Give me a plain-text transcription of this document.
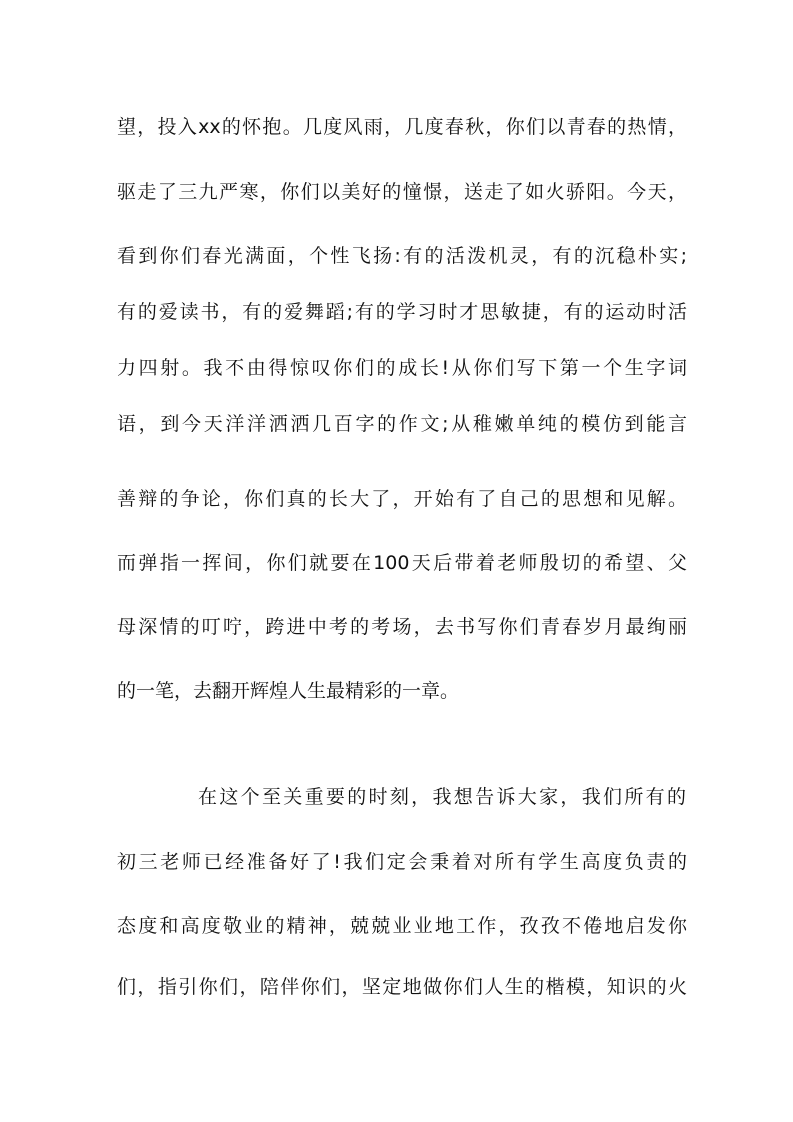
望，投入xx的怀抱。几度风雨，几度春秋，你们以青春的热情，
驱走了三九严寒，你们以美好的憧憬，送走了如火骄阳。今天，
看到你们春光满面，个性飞扬:有的活泼机灵，有的沉稳朴实;
有的爱读书，有的爱舞蹈;有的学习时才思敏捷，有的运动时活
力四射。我不由得惊叹你们的成长!从你们写下第一个生字词
语，到今天洋洋洒洒几百字的作文;从稚嫩单纯的模仿到能言
善辩的争论，你们真的长大了，开始有了自己的思想和见解。
而弹指一挥间，你们就要在100天后带着老师殷切的希望、父
母深情的叮咛，跨进中考的考场，去书写你们青春岁月最绚丽
的一笔，去翻开辉煌人生最精彩的一章。
在这个至关重要的时刻，我想告诉大家，我们所有的
初三老师已经准备好了!我们定会秉着对所有学生高度负责的
态度和高度敬业的精神，兢兢业业地工作，孜孜不倦地启发你
们，指引你们，陪伴你们，坚定地做你们人生的楷模，知识的火
